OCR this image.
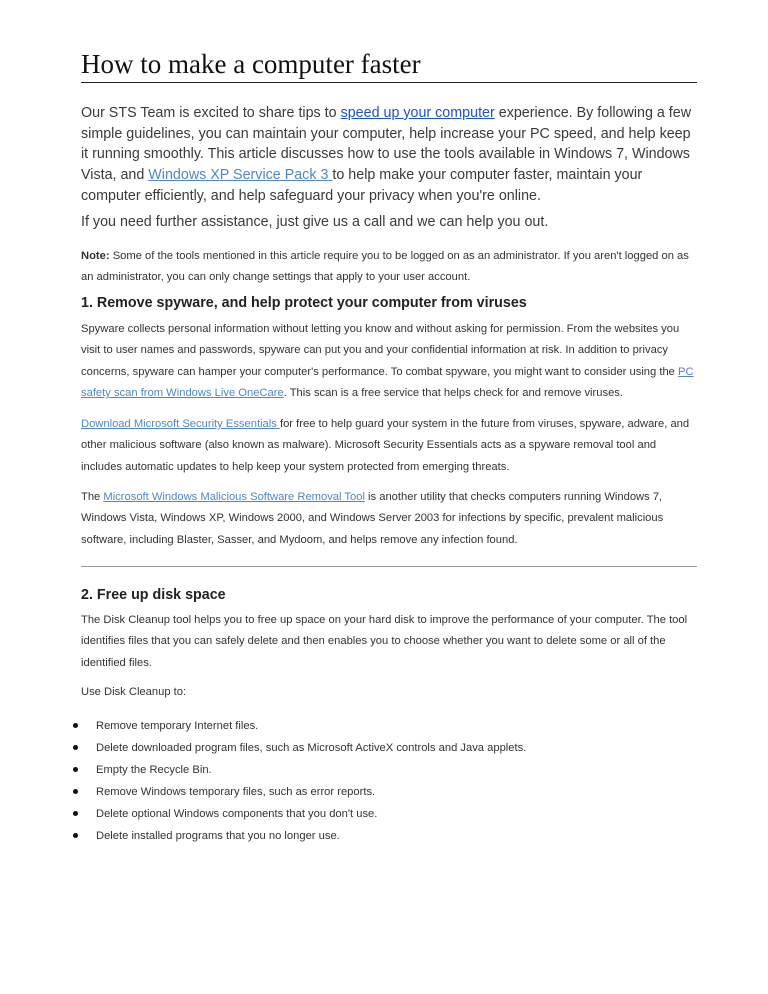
How to make a computer faster

Our STS Team is excited to share tips to speed up your computer experience. By following a few simple guidelines, you can maintain your computer, help increase your PC speed, and help keep it running smoothly. This article discusses how to use the tools available in Windows 7, Windows Vista, and Windows XP Service Pack 3 to help make your computer faster, maintain your computer efficiently, and help safeguard your privacy when you're online.

If you need further assistance, just give us a call and we can help you out.

Note: Some of the tools mentioned in this article require you to be logged on as an administrator. If you aren't logged on as an administrator, you can only change settings that apply to your user account.

1. Remove spyware, and help protect your computer from viruses

Spyware collects personal information without letting you know and without asking for permission. From the websites you visit to user names and passwords, spyware can put you and your confidential information at risk. In addition to privacy concerns, spyware can hamper your computer's performance. To combat spyware, you might want to consider using the PC safety scan from Windows Live OneCare. This scan is a free service that helps check for and remove viruses.

Download Microsoft Security Essentials for free to help guard your system in the future from viruses, spyware, adware, and other malicious software (also known as malware). Microsoft Security Essentials acts as a spyware removal tool and includes automatic updates to help keep your system protected from emerging threats.

The Microsoft Windows Malicious Software Removal Tool is another utility that checks computers running Windows 7, Windows Vista, Windows XP, Windows 2000, and Windows Server 2003 for infections by specific, prevalent malicious software, including Blaster, Sasser, and Mydoom, and helps remove any infection found.

2. Free up disk space

The Disk Cleanup tool helps you to free up space on your hard disk to improve the performance of your computer. The tool identifies files that you can safely delete and then enables you to choose whether you want to delete some or all of the identified files.

Use Disk Cleanup to:

Remove temporary Internet files.
Delete downloaded program files, such as Microsoft ActiveX controls and Java applets.
Empty the Recycle Bin.
Remove Windows temporary files, such as error reports.
Delete optional Windows components that you don't use.
Delete installed programs that you no longer use.
